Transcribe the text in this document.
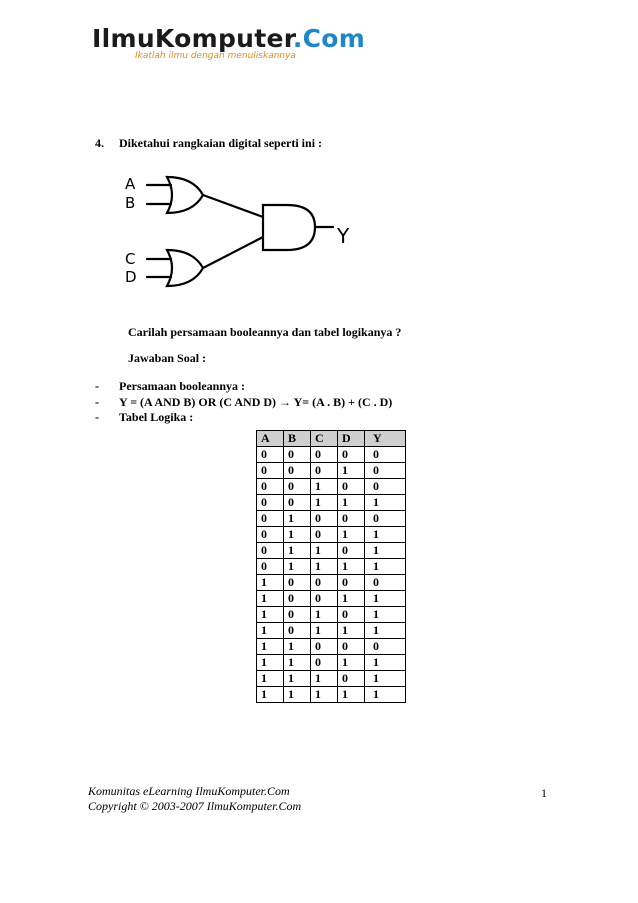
IlmuKomputer.Com
Ikatlah ilmu dengan menuliskannya
4. Diketahui rangkaian digital seperti ini :
A
B
C
D
Y
Carilah persamaan booleannya dan tabel logikanya ?
Jawaban Soal :
- Persamaan booleannya :
- Y = (A AND B) OR (C AND D) → Y= (A . B) + (C . D)
- Tabel Logika :
A	B	C	D	Y
0	0	0	0	0
0	0	0	1	0
0	0	1	0	0
0	0	1	1	1
0	1	0	0	0
0	1	0	1	1
0	1	1	0	1
0	1	1	1	1
1	0	0	0	0
1	0	0	1	1
1	0	1	0	1
1	0	1	1	1
1	1	0	0	0
1	1	0	1	1
1	1	1	0	1
1	1	1	1	1
Komunitas eLearning IlmuKomputer.Com
Copyright © 2003-2007 IlmuKomputer.Com
1
